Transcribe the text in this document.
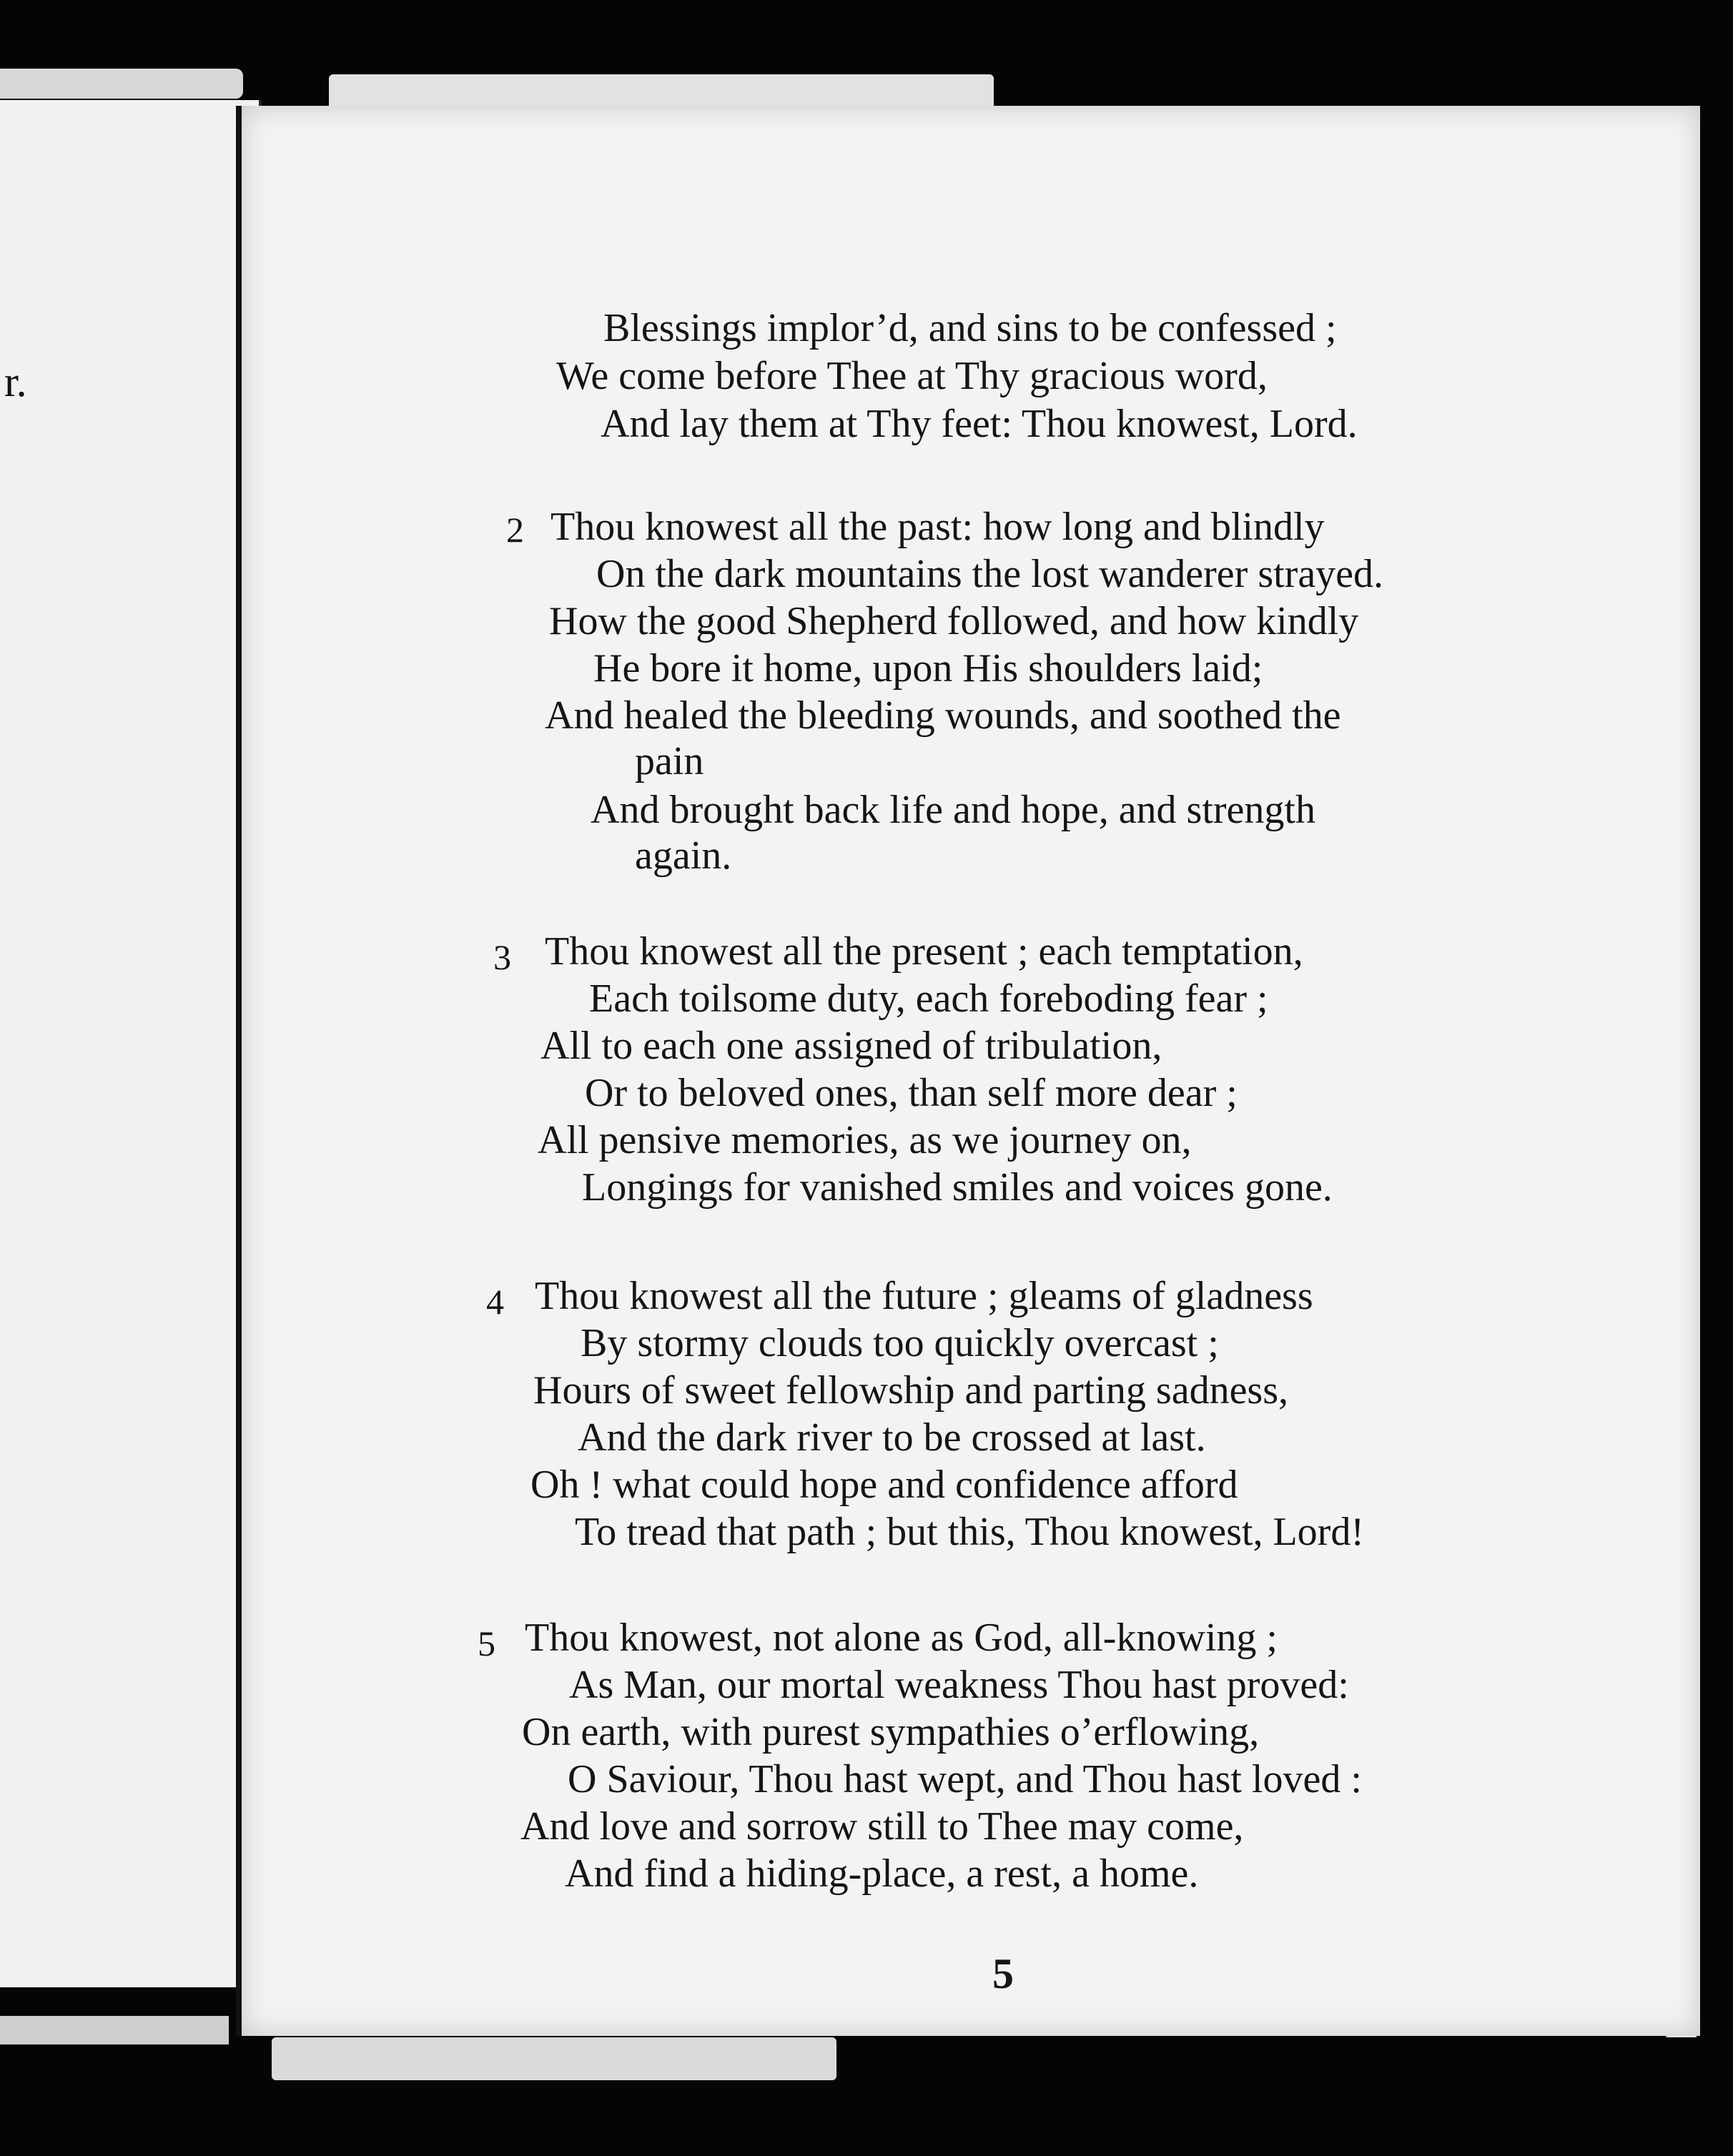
r.
Blessings implor’d, and sins to be confessed ;
We come before Thee at Thy gracious word,
And lay them at Thy feet: Thou knowest, Lord.
2 Thou knowest all the past: how long and blindly
On the dark mountains the lost wanderer strayed.
How the good Shepherd followed, and how kindly
He bore it home, upon His shoulders laid;
And healed the bleeding wounds, and soothed the
pain
And brought back life and hope, and strength
again.
3 Thou knowest all the present ; each temptation,
Each toilsome duty, each foreboding fear ;
All to each one assigned of tribulation,
Or to beloved ones, than self more dear ;
All pensive memories, as we journey on,
Longings for vanished smiles and voices gone.
4 Thou knowest all the future ; gleams of gladness
By stormy clouds too quickly overcast ;
Hours of sweet fellowship and parting sadness,
And the dark river to be crossed at last.
Oh ! what could hope and confidence afford
To tread that path ; but this, Thou knowest, Lord!
5 Thou knowest, not alone as God, all-knowing ;
As Man, our mortal weakness Thou hast proved:
On earth, with purest sympathies o’erflowing,
O Saviour, Thou hast wept, and Thou hast loved :
And love and sorrow still to Thee may come,
And find a hiding-place, a rest, a home.
5
